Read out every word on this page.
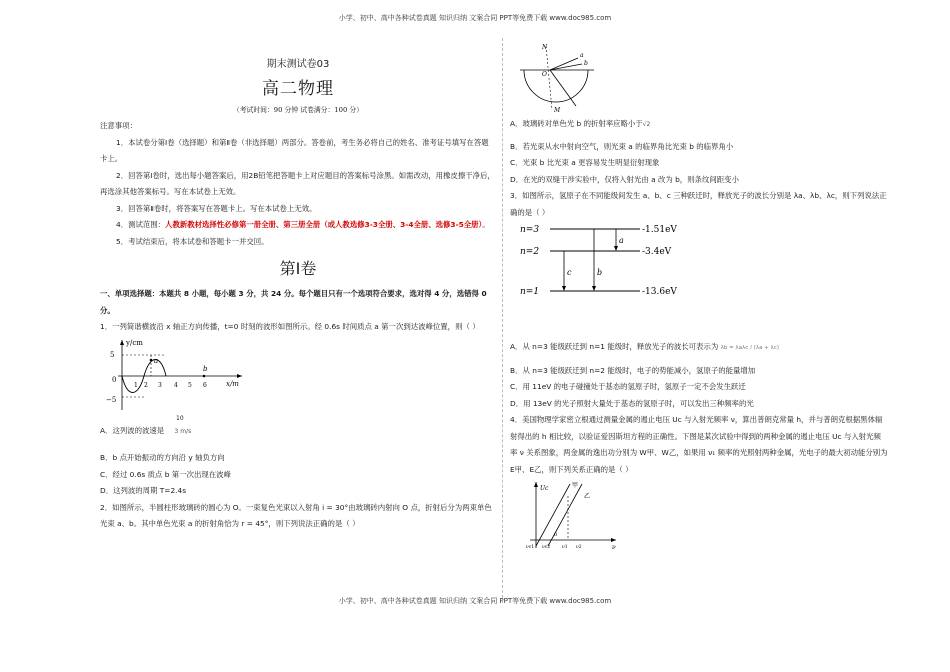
小学、初中、高中各种试卷真题 知识归纳 文案合同 PPT等免费下载 www.doc985.com
小学、初中、高中各种试卷真题 知识归纳 文案合同 PPT等免费下载 www.doc985.com
期末测试卷03
高二物理
（考试时间：90 分钟 试卷满分：100 分）

注意事项：

1．本试卷分第Ⅰ卷（选择题）和第Ⅱ卷（非选择题）两部分。答卷前，考生务必将自己的姓名、准考证号填写在答题卡上。

2．回答第Ⅰ卷时，选出每小题答案后，用2B铅笔把答题卡上对应题目的答案标号涂黑。如需改动，用橡皮擦干净后，再选涂其他答案标号。写在本试卷上无效。

3．回答第Ⅱ卷时，将答案写在答题卡上。写在本试卷上无效。

4．测试范围：人教新教材选择性必修第一册全册、第三册全册（或人教选修3-3全册、3-4全册、选修3-5全册）。

5．考试结束后，将本试卷和答题卡一并交回。

第Ⅰ卷

一、单项选择题：本题共 8 小题，每小题 3 分，共 24 分。每个题目只有一个选项符合要求，选对得 4 分，选错得 0 分。

1．一列简谐横波沿 x 轴正方向传播，t=0 时刻的波形如图所示。经 0.6s 时间质点 a 第一次到达波峰位置，则（ ）

y/cm
x/m
5
0
−5
1 2 3 4 5 6
a
b

10

A．这列波的波速是 3 m/s

B．b 点开始振动的方向沿 y 轴负方向

C．经过 0.6s 质点 b 第一次出现在波峰

D．这列波的周期 T=2.4s

2．如图所示，半圆柱形玻璃砖的圆心为 O。一束复色光束以入射角 i = 30°由玻璃砖内射向 O 点，折射后分为两束单色光束 a、b。其中单色光束 a 的折射角恰为 r = 45°，则下列说法正确的是（ ）

N
M
O
a
b

A．玻璃砖对单色光 b 的折射率应略小于√2

B．若光束从水中射向空气，则光束 a 的临界角比光束 b 的临界角小

C．光束 b 比光束 a 更容易发生明显衍射现象

D．在光的双缝干涉实验中，仅将入射光由 a 改为 b，则条纹间距变小

3．如图所示，氢原子在不同能级间发生 a、b、c 三种跃迁时，释放光子的波长分别是 λa、λb、λc，则下列说法正确的是（ ）

n=3
n=2
n=1
-1.51eV
-3.4eV
-13.6eV
a
c	b

A．从 n=3 能级跃迁到 n=1 能级时，释放光子的波长可表示为 λb = λaλc / (λa + λc)

B．从 n=3 能级跃迁到 n=2 能级时，电子的势能减小，氢原子的能量增加

C．用 11eV 的电子碰撞处于基态的氢原子时，氢原子一定不会发生跃迁

D．用 13eV 的光子照射大量处于基态的氢原子时，可以发出三种频率的光

4．美国物理学家密立根通过测量金属的遏止电压 Uc 与入射光频率 ν，算出普朗克常量 h，并与普朗克根据黑体辐射得出的 h 相比较，以验证爱因斯坦方程的正确性。下图是某次试验中得到的两种金属的遏止电压 Uc 与入射光频率 ν 关系图象，两金属的逸出功分别为 W甲、W乙，如果用 ν₁ 频率的光照射两种金属，光电子的最大初动能分别为 E甲、E乙，则下列关系正确的是（ ）

Uc
ν
甲
乙
0
νc1 νc2	ν1 ν2
